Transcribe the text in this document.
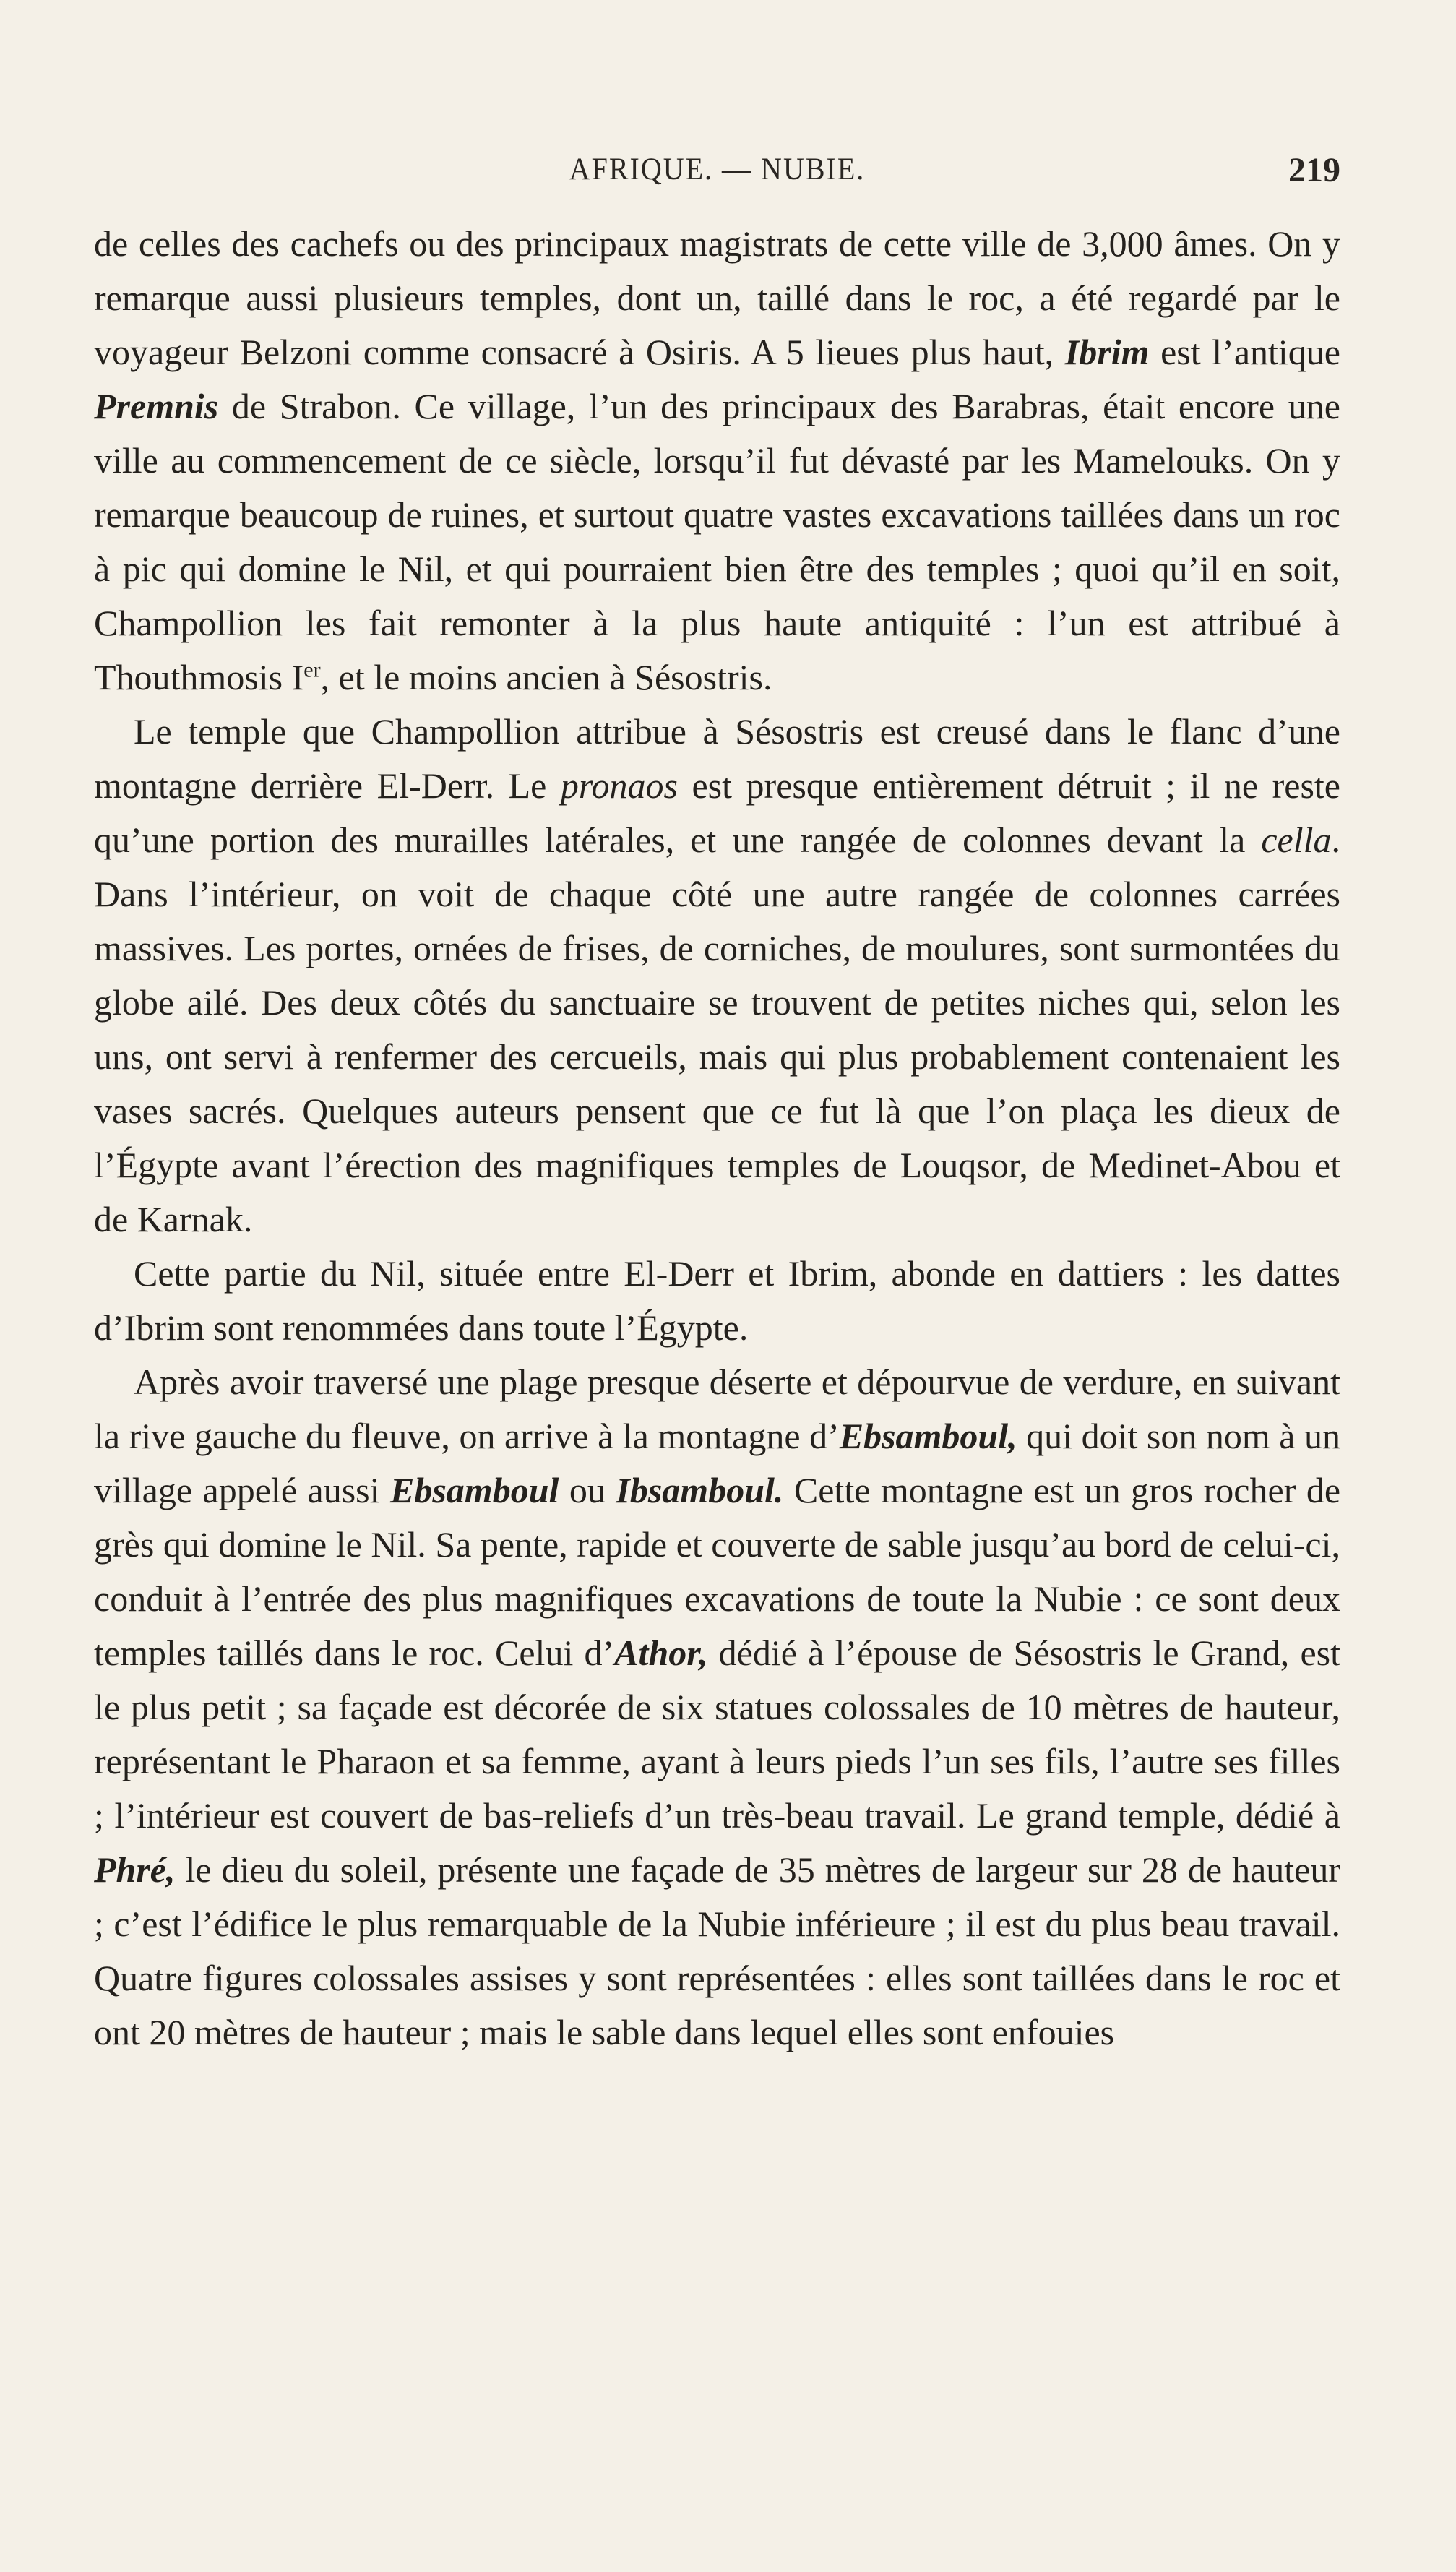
AFRIQUE. — NUBIE.	219

de celles des cachefs ou des principaux magistrats de cette ville de 3,000 âmes. On y remarque aussi plusieurs temples, dont un, taillé dans le roc, a été regardé par le voyageur Belzoni comme consacré à Osiris. A 5 lieues plus haut, Ibrim est l’antique Premnis de Strabon. Ce village, l’un des principaux des Barabras, était encore une ville au commencement de ce siècle, lorsqu’il fut dévasté par les Mamelouks. On y remarque beaucoup de ruines, et surtout quatre vastes excavations taillées dans un roc à pic qui domine le Nil, et qui pourraient bien être des temples ; quoi qu’il en soit, Champollion les fait remonter à la plus haute antiquité : l’un est attribué à Thouthmosis Ier, et le moins ancien à Sésostris.

Le temple que Champollion attribue à Sésostris est creusé dans le flanc d’une montagne derrière El-Derr. Le pronaos est presque entièrement détruit ; il ne reste qu’une portion des murailles latérales, et une rangée de colonnes devant la cella. Dans l’intérieur, on voit de chaque côté une autre rangée de colonnes carrées massives. Les portes, ornées de frises, de corniches, de moulures, sont surmontées du globe ailé. Des deux côtés du sanctuaire se trouvent de petites niches qui, selon les uns, ont servi à renfermer des cercueils, mais qui plus probablement contenaient les vases sacrés. Quelques auteurs pensent que ce fut là que l’on plaça les dieux de l’Égypte avant l’érection des magnifiques temples de Louqsor, de Medinet-Abou et de Karnak.

Cette partie du Nil, située entre El-Derr et Ibrim, abonde en dattiers : les dattes d’Ibrim sont renommées dans toute l’Égypte.

Après avoir traversé une plage presque déserte et dépourvue de verdure, en suivant la rive gauche du fleuve, on arrive à la montagne d’Ebsamboul, qui doit son nom à un village appelé aussi Ebsamboul ou Ibsamboul. Cette montagne est un gros rocher de grès qui domine le Nil. Sa pente, rapide et couverte de sable jusqu’au bord de celui-ci, conduit à l’entrée des plus magnifiques excavations de toute la Nubie : ce sont deux temples taillés dans le roc. Celui d’Athor, dédié à l’épouse de Sésostris le Grand, est le plus petit ; sa façade est décorée de six statues colossales de 10 mètres de hauteur, représentant le Pharaon et sa femme, ayant à leurs pieds l’un ses fils, l’autre ses filles ; l’intérieur est couvert de bas-reliefs d’un très-beau travail. Le grand temple, dédié à Phré, le dieu du soleil, présente une façade de 35 mètres de largeur sur 28 de hauteur ; c’est l’édifice le plus remarquable de la Nubie inférieure ; il est du plus beau travail. Quatre figures colossales assises y sont représentées : elles sont taillées dans le roc et ont 20 mètres de hauteur ; mais le sable dans lequel elles sont enfouies
